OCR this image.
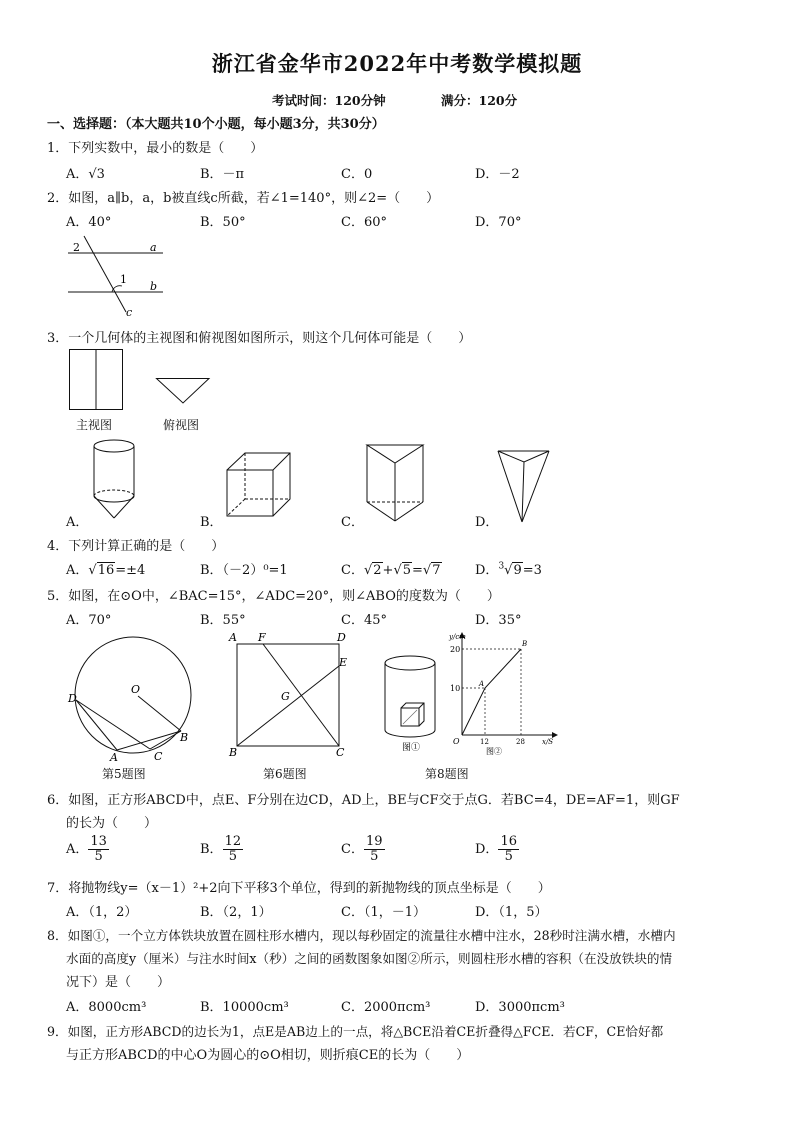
浙江省金华市2022年中考数学模拟题
考试时间：120分钟	满分：120分
一、选择题：（本大题共10个小题，每小题3分，共30分）
1．下列实数中，最小的数是（　　）
A．√3	B．－π	C．0	D．－2
2．如图，a∥b，a，b被直线c所截，若∠1=140°，则∠2=（　　）
A．40°	B．50°	C．60°	D．70°
2
1
a
b
c
3．一个几何体的主视图和俯视图如图所示，则这个几何体可能是（　　）
主视图	俯视图
A．	B．	C．	D．
4．下列计算正确的是（　　）
A．√16=±4	B．（－2）⁰=1	C．√2+√5=√7	D．$^3$√9=3
5．如图，在⊙O中，∠BAC=15°，∠ADC=20°，则∠ABO的度数为（　　）
A．70°	B．55°	C．45°	D．35°
O
D
A	C
B
第5题图
A F	D
E
G
B	C
第6题图
图①
y/cm
x/S
20
10
O	12	28
A
B
图②
第8题图
6．如图，正方形ABCD中，点E、F分别在边CD，AD上，BE与CF交于点G．若BC=4，DE=AF=1，则GF
的长为（　　）
A． $\frac{13}{5}$	B． $\frac{12}{5}$	C． $\frac{19}{5}$	D． $\frac{16}{5}$
7．将抛物线y=（x－1）²+2向下平移3个单位，得到的新抛物线的顶点坐标是（　　）
A．（1，2）	B．（2，1）	C．（1，－1）	D．（1，5）
8．如图①，一个立方体铁块放置在圆柱形水槽内，现以每秒固定的流量往水槽中注水，28秒时注满水槽，水槽内
水面的高度y（厘米）与注水时间x（秒）之间的函数图象如图②所示，则圆柱形水槽的容积（在没放铁块的情
况下）是（　　）
A．8000cm³	B．10000cm³	C．2000πcm³	D．3000πcm³
9．如图，正方形ABCD的边长为1，点E是AB边上的一点，将△BCE沿着CE折叠得△FCE．若CF，CE恰好都
与正方形ABCD的中心O为圆心的⊙O相切，则折痕CE的长为（　　）
